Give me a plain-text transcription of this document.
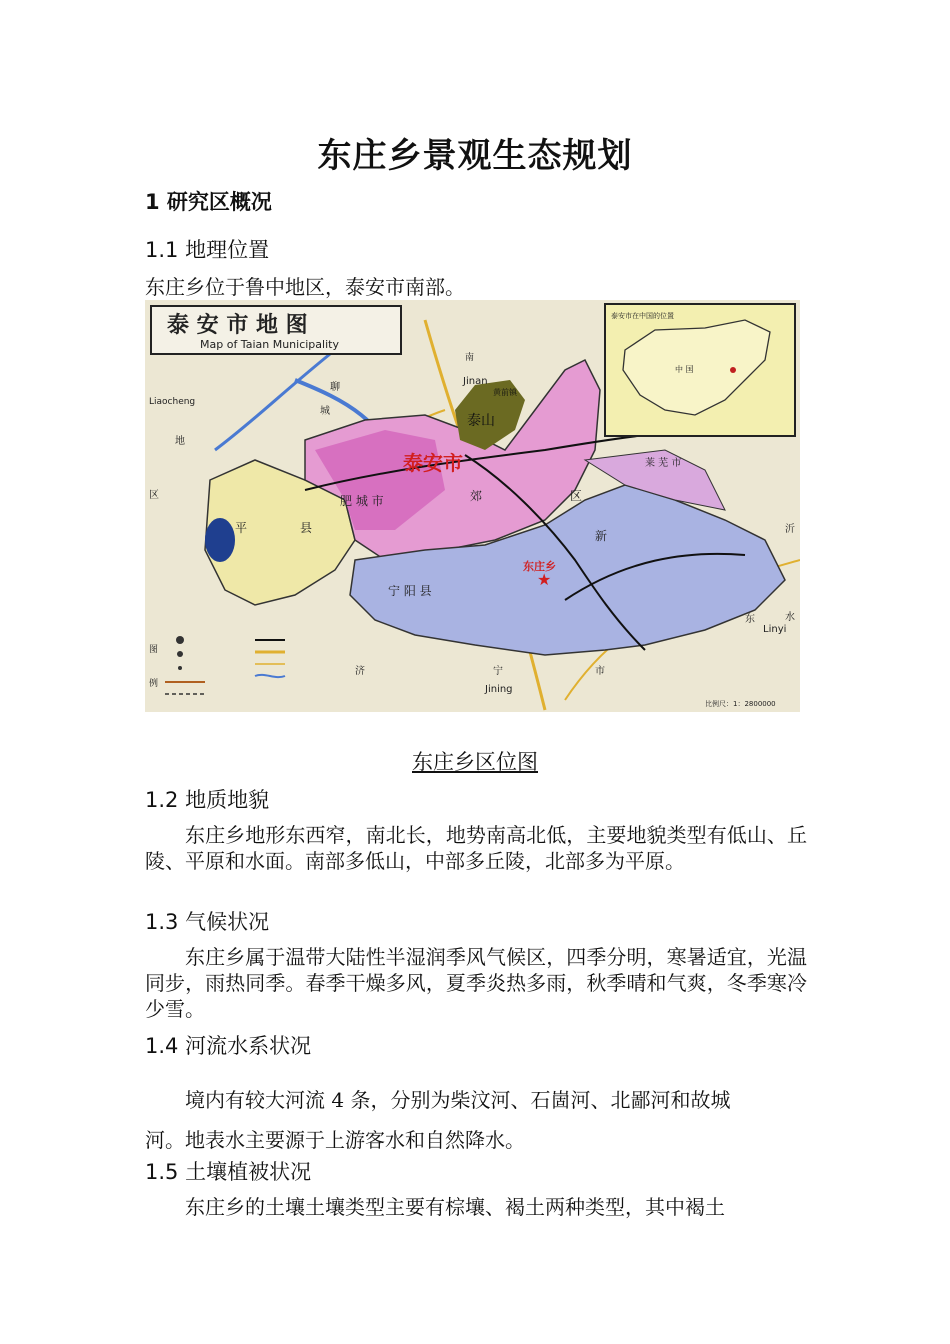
东庄乡景观生态规划
1 研究区概况
1.1 地理位置
东庄乡位于鲁中地区，泰安市南部。
泰 安 市 地 图
Map of Taian Municipality
泰安市在中国的位置
中 国
泰安市
泰山
黄前镇
南
Jinan
Liaocheng
Linyi
Jining
宁
肥 城 市	郊	区
宁 阳 县
平	县
新
莱 芜 市
济	市
聊
城
地
区
沂
水
东
东庄乡
★
图
例
比例尺：1：2800000
东庄乡区位图
1.2 地质地貌
东庄乡地形东西窄，南北长，地势南高北低，主要地貌类型有低山、丘陵、平原和水面。南部多低山，中部多丘陵，北部多为平原。
1.3 气候状况
东庄乡属于温带大陆性半湿润季风气候区，四季分明，寒暑适宜，光温同步，雨热同季。春季干燥多风，夏季炎热多雨，秋季晴和气爽，冬季寒冷少雪。
1.4 河流水系状况
境内有较大河流 4 条，分别为柴汶河、石崮河、北鄙河和故城
河。地表水主要源于上游客水和自然降水。
1.5 土壤植被状况
东庄乡的土壤土壤类型主要有棕壤、褐土两种类型，其中褐土
